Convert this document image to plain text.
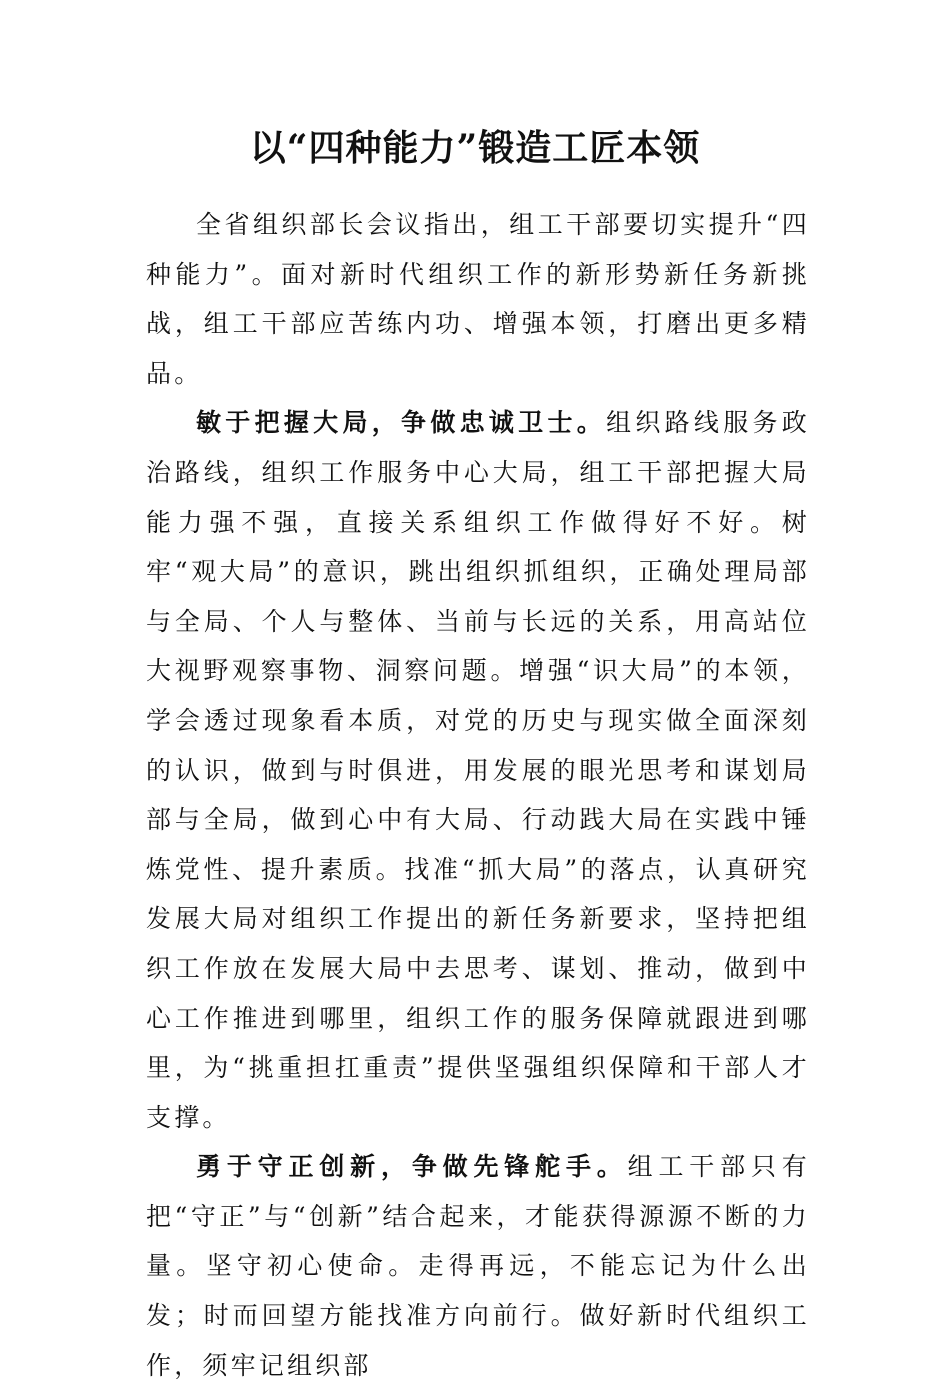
以“四种能力”锻造工匠本领

全省组织部长会议指出，组工干部要切实提升“四种能力”。面对新时代组织工作的新形势新任务新挑战，组工干部应苦练内功、增强本领，打磨出更多精品。

敏于把握大局，争做忠诚卫士。组织路线服务政治路线，组织工作服务中心大局，组工干部把握大局能力强不强，直接关系组织工作做得好不好。树牢“观大局”的意识，跳出组织抓组织，正确处理局部与全局、个人与整体、当前与长远的关系，用高站位大视野观察事物、洞察问题。增强“识大局”的本领，学会透过现象看本质，对党的历史与现实做全面深刻的认识，做到与时俱进，用发展的眼光思考和谋划局部与全局，做到心中有大局、行动践大局在实践中锤炼党性、提升素质。找准“抓大局”的落点，认真研究发展大局对组织工作提出的新任务新要求，坚持把组织工作放在发展大局中去思考、谋划、推动，做到中心工作推进到哪里，组织工作的服务保障就跟进到哪里，为“挑重担扛重责”提供坚强组织保障和干部人才支撑。

勇于守正创新，争做先锋舵手。组工干部只有把“守正”与“创新”结合起来，才能获得源源不断的力量。坚守初心使命。走得再远，不能忘记为什么出发；时而回望方能找准方向前行。做好新时代组织工作，须牢记组织部
